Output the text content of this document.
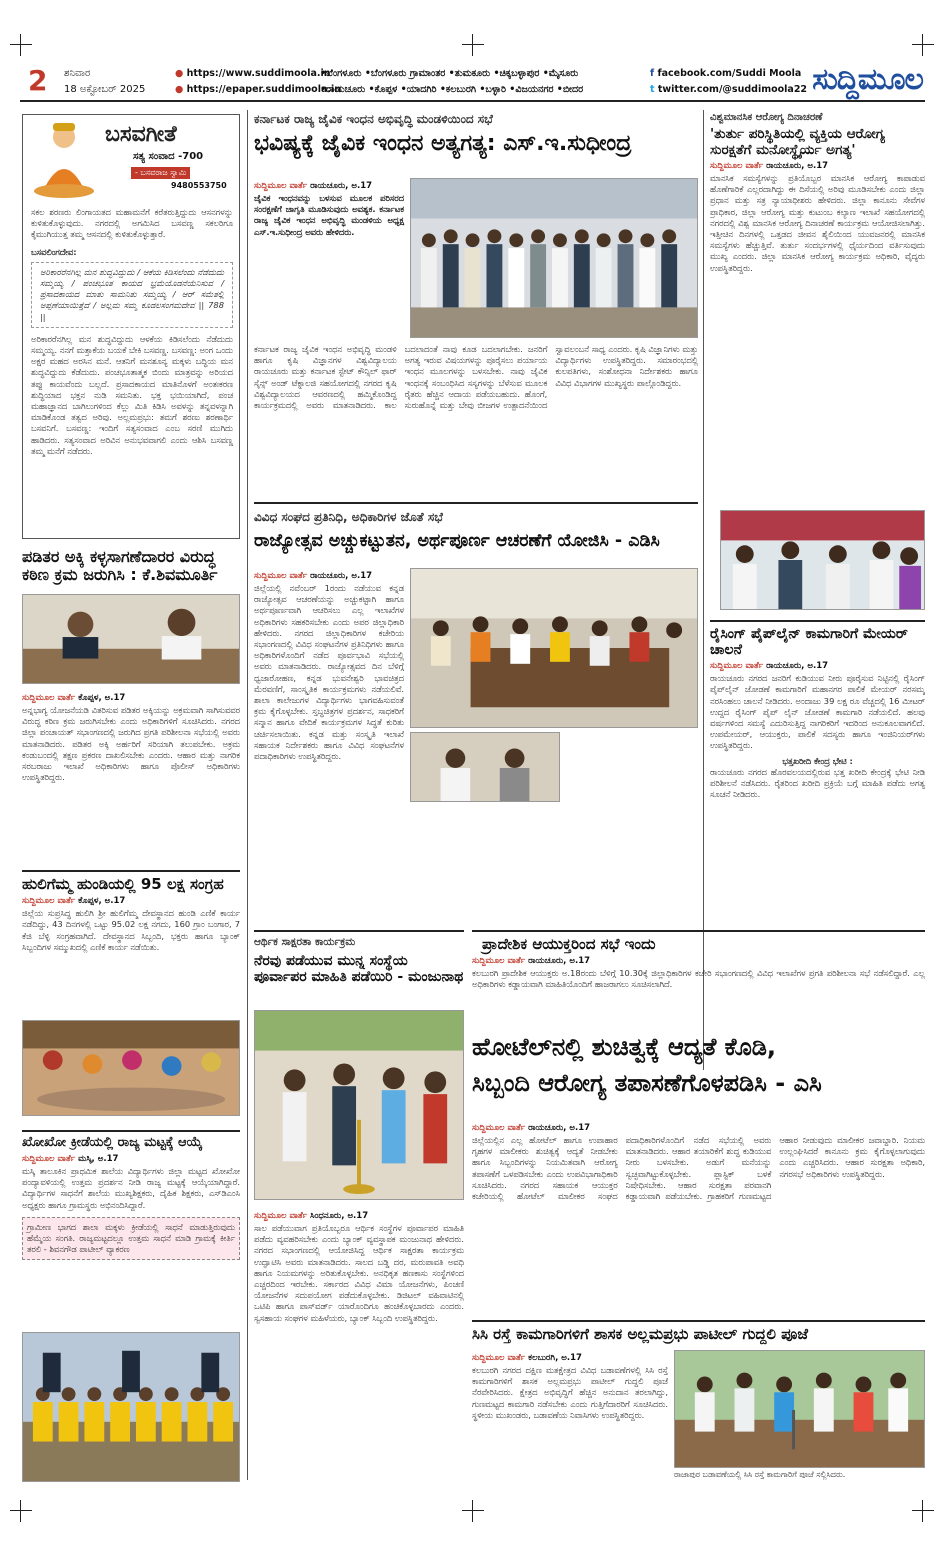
2 ಶನಿವಾರ
18 ಅಕ್ಟೋಬರ್ 2025
● https://www.suddimoola.in
● https://epaper.suddimoola.in
•ಬೆಂಗಳೂರು •ಬೆಂಗಳೂರು ಗ್ರಾಮಾಂತರ •ತುಮಕೂರು •ಚಿಕ್ಕಬಳ್ಳಾಪುರ •ಮೈಸೂರು
•ರಾಯಚೂರು •ಕೊಪ್ಪಳ •ಯಾದಗಿರಿ •ಕಲಬುರಗಿ •ಬಳ್ಳಾರಿ •ವಿಜಯನಗರ •ಬೀದರ
f facebook.com/Suddi Moola
t twitter.com/@suddimoola22 ಸುದ್ದಿಮೂಲ
ಬಸವಗೀತೆ
ಸತ್ಯ ಸಂವಾದ -700
- ಬಸವರಾಜ ಸ್ವಾಮಿ
9480553750
ಸಕಲ ಶರಣರು ಲಿಂಗಾಯತದ ಮಹಾಮನೆಗೆ ಕರೆತರುತ್ತಿದ್ದುದು ಆಸನಗಳನ್ನು ಕುಳಿತುಕೊಳ್ಳುವುದು. ನಗರದಲ್ಲಿ ಅಗಮಿಸಿದ ಬಸವಣ್ಣ ಸಕಲರಿಗೂ ಕೈಮುಗಿಯುತ್ತ ತಮ್ಮ ಆಸನದಲ್ಲಿ ಕುಳಿತುಕೊಳ್ಳುತ್ತಾರೆ.
ಬಸವಲಿಂಗದೇವ:
ಅರಿಕಾರರೆನಗಿಲ್ಲ ಮನ ಶುದ್ಧವಿದ್ದುದು / ಆಕೆಯ ಕಿಡಿಸಲೆಂದು ನೆಡೆದುದು ಸಮ್ಮಯ್ಯ / ಪಂಚಭೂತ ಕಾಯದ ಭ್ರಮೆಯೊಡನೆಯೆನಿಸುವ / ಪ್ರಸಾದಕಾಯದ ಮಾತು ಸಾಮನಿತು ಸಮ್ಮಯ್ಯ / ಆರ್ ಸಮೆತಲ್ಲಿ ಅಪ್ಪಣೆಯಾಯಿತ್ತೆದೆ / ಅಲ್ಲಮ ಸಮ್ಮ ಕೂಡಲಸಂಗಮದೇವ || 788 ||
ಅರಿಕಾರರೆನಗಿಲ್ಲ ಮನ ಶುದ್ಧವಿದ್ದುದು ಆಳಕೆಯ ಕಿಡಿಸಲೆಂದು ನೆಡೆದುದು ಸಮ್ಮಯ್ಯ. ನನಗೆ ಮತ್ತಾಕೆಯ ಬಯಕೆ ಬೇಕಿ ಬಸವಣ್ಣ. ಬಸವಣ್ಣ: ಅಂಗ ಒಂದು ಅಕ್ಷರ ಮಹದ ಅರಸಿನ ಮನೆ. ಆತನಿಗೆ ಮನಶೂನ್ಯ ಮಕ್ಕಳು ಬದ್ಧಿಯ ಮನ ಶುದ್ಧವಿದ್ದುದು ಕೆಡೆದುದು. ಪಂಚಭೂತಾತ್ಮಕ ಬಿಂದು ಮಾತ್ರವನ್ನು ಅರಿಯದ ತಪ್ಪು ಕಾಯವೆಂದು ಬಲ್ಲದೆ. ಪ್ರಸಾದಕಾಯದ ಮಾತಿನೊಳಗೆ ಅಂತಃಕರಣ ಶುದ್ಧಿಯಾದ ಭಕ್ತನ ನುಡಿ ಸಮನಿತು. ಭಕ್ತ ಭಯಿಯಾಗಿದೆ, ಪಂಚ ಮಹಾಜ್ಞಾನದ ಬಾಗಿಲುಗಳಿಂದ ಕೆಲ್ಲು ಮಿತಿ ಕಿಡಿಸಿ ಅವಳನ್ನು ತನ್ನವಳನ್ನಾಗಿ ಮಾಡಿಕೊಂಡ ತತ್ವದ ಅರಿವು. ಅಲ್ಲಮಪ್ರಭು: ತಮಗೆ ಶರಣು ಶರಣಾರ್ಥಿ ಬಸವನಿಗೆ. ಬಸವಣ್ಣ: ಇಂದಿಗೆ ಸತ್ಯಸಂವಾದ ಎಂಬ ಸರಣಿ ಮುಗಿದು ಹಾಡಿದರು. ಸತ್ಯಸಂವಾದ ಅರಿವಿನ ಅನುಭವವಾಗಲಿ ಎಂದು ಆಶಿಸಿ ಬಸವಣ್ಣ ತಮ್ಮ ಮನೆಗೆ ನಡೆದರು.
ಪಡಿತರ ಅಕ್ಕಿ ಕಳ್ಳಸಾಗಣೆದಾರರ ವಿರುದ್ಧ ಕಠಿಣ ಕ್ರಮ ಜರುಗಿಸಿ : ಕೆ.ಶಿವಮೂರ್ತಿ
ಸುದ್ದಿಮೂಲ ವಾರ್ತೆ ಕೊಪ್ಪಳ, ಅ.17
ಅನ್ನಭಾಗ್ಯ ಯೋಜನೆಯಡಿ ವಿತರಿಸುವ ಪಡಿತರ ಅಕ್ಕಿಯನ್ನು ಅಕ್ರಮವಾಗಿ ಸಾಗಿಸುವವರ ವಿರುದ್ಧ ಕಠಿಣ ಕ್ರಮ ಜರುಗಿಸಬೇಕು ಎಂದು ಅಧಿಕಾರಿಗಳಿಗೆ ಸೂಚಿಸಿದರು. ನಗರದ ಜಿಲ್ಲಾ ಪಂಚಾಯತ್ ಸಭಾಂಗಣದಲ್ಲಿ ಜರುಗಿದ ಪ್ರಗತಿ ಪರಿಶೀಲನಾ ಸಭೆಯಲ್ಲಿ ಅವರು ಮಾತನಾಡಿದರು. ಪಡಿತರ ಅಕ್ಕಿ ಅರ್ಹರಿಗೆ ಸರಿಯಾಗಿ ತಲುಪಬೇಕು. ಅಕ್ರಮ ಕಂಡುಬಂದಲ್ಲಿ ತಕ್ಷಣ ಪ್ರಕರಣ ದಾಖಲಿಸಬೇಕು ಎಂದರು. ಆಹಾರ ಮತ್ತು ನಾಗರಿಕ ಸರಬರಾಜು ಇಲಾಖೆ ಅಧಿಕಾರಿಗಳು ಹಾಗೂ ಪೊಲೀಸ್ ಅಧಿಕಾರಿಗಳು ಉಪಸ್ಥಿತರಿದ್ದರು.
ಹುಲಿಗೆಮ್ಮ ಹುಂಡಿಯಲ್ಲಿ 95 ಲಕ್ಷ ಸಂಗ್ರಹ
ಸುದ್ದಿಮೂಲ ವಾರ್ತೆ ಕೊಪ್ಪಳ, ಅ.17
ಜಿಲ್ಲೆಯ ಸುಪ್ರಸಿದ್ಧ ಹುಲಿಗಿ ಶ್ರೀ ಹುಲಿಗೆಮ್ಮ ದೇವಸ್ಥಾನದ ಹುಂಡಿ ಎಣಿಕೆ ಕಾರ್ಯ ನಡೆದಿದ್ದು, 43 ದಿನಗಳಲ್ಲಿ ಒಟ್ಟು 95.02 ಲಕ್ಷ ನಗದು, 160 ಗ್ರಾಂ ಬಂಗಾರ, 7 ಕೆಜಿ ಬೆಳ್ಳಿ ಸಂಗ್ರಹವಾಗಿದೆ. ದೇವಸ್ಥಾನದ ಸಿಬ್ಬಂದಿ, ಭಕ್ತರು ಹಾಗೂ ಬ್ಯಾಂಕ್ ಸಿಬ್ಬಂದಿಗಳ ಸಮ್ಮುಖದಲ್ಲಿ ಎಣಿಕೆ ಕಾರ್ಯ ನಡೆಯಿತು.
ಖೋಖೋ ಕ್ರೀಡೆಯಲ್ಲಿ ರಾಜ್ಯ ಮಟ್ಟಕ್ಕೆ ಆಯ್ಕೆ
ಸುದ್ದಿಮೂಲ ವಾರ್ತೆ ಮಸ್ಕಿ, ಅ.17
ಮಸ್ಕಿ ತಾಲೂಕಿನ ಪ್ರಾಥಮಿಕ ಶಾಲೆಯ ವಿದ್ಯಾರ್ಥಿಗಳು ಜಿಲ್ಲಾ ಮಟ್ಟದ ಖೋಖೋ ಪಂದ್ಯಾವಳಿಯಲ್ಲಿ ಉತ್ತಮ ಪ್ರದರ್ಶನ ನೀಡಿ ರಾಜ್ಯ ಮಟ್ಟಕ್ಕೆ ಆಯ್ಕೆಯಾಗಿದ್ದಾರೆ. ವಿದ್ಯಾರ್ಥಿಗಳ ಸಾಧನೆಗೆ ಶಾಲೆಯ ಮುಖ್ಯಶಿಕ್ಷಕರು, ದೈಹಿಕ ಶಿಕ್ಷಕರು, ಎಸ್‌ಡಿಎಂಸಿ ಅಧ್ಯಕ್ಷರು ಹಾಗೂ ಗ್ರಾಮಸ್ಥರು ಅಭಿನಂದಿಸಿದ್ದಾರೆ.
ಗ್ರಾಮೀಣ ಭಾಗದ ಶಾಲಾ ಮಕ್ಕಳು ಕ್ರೀಡೆಯಲ್ಲಿ ಸಾಧನೆ ಮಾಡುತ್ತಿರುವುದು ಹೆಮ್ಮೆಯ ಸಂಗತಿ. ರಾಜ್ಯಮಟ್ಟದಲ್ಲೂ ಉತ್ತಮ ಸಾಧನೆ ಮಾಡಿ ಗ್ರಾಮಕ್ಕೆ ಕೀರ್ತಿ ತರಲಿ - ಶಿವನಗೌಡ ಪಾಟೀಲ್ ವ್ಯಾಕರಣ
ಕರ್ನಾಟಕ ರಾಜ್ಯ ಜೈವಿಕ ಇಂಧನ ಅಭಿವೃದ್ಧಿ ಮಂಡಳಿಯಿಂದ ಸಭೆ
ಭವಿಷ್ಯಕ್ಕೆ ಜೈವಿಕ ಇಂಧನ ಅತ್ಯಗತ್ಯ: ಎಸ್.ಇ.ಸುಧೀಂದ್ರ
ಸುದ್ದಿಮೂಲ ವಾರ್ತೆ ರಾಯಚೂರು, ಅ.17
ಜೈವಿಕ ಇಂಧನವನ್ನು ಬಳಸುವ ಮೂಲಕ ಪರಿಸರದ ಸಂರಕ್ಷಣೆಗೆ ಜಾಗೃತಿ ಮೂಡಿಸುವುದು ಅವಶ್ಯಕ. ಕರ್ನಾಟಕ ರಾಜ್ಯ ಜೈವಿಕ ಇಂಧನ ಅಭಿವೃದ್ಧಿ ಮಂಡಳಿಯ ಅಧ್ಯಕ್ಷ ಎಸ್.ಇ.ಸುಧೀಂದ್ರ ಅವರು ಹೇಳಿದರು.
ಕರ್ನಾಟಕ ರಾಜ್ಯ ಜೈವಿಕ ಇಂಧನ ಅಭಿವೃದ್ಧಿ ಮಂಡಳಿ ಹಾಗೂ ಕೃಷಿ ವಿಜ್ಞಾನಗಳ ವಿಶ್ವವಿದ್ಯಾಲಯ ರಾಯಚೂರು ಮತ್ತು ಕರ್ನಾಟಕ ಸ್ಟೇಟ್ ಕೌನ್ಸಿಲ್ ಫಾರ್ ಸೈನ್ಸ್ ಅಂಡ್ ಟೆಕ್ನಾಲಜಿ ಸಹಯೋಗದಲ್ಲಿ ನಗರದ ಕೃಷಿ ವಿಶ್ವವಿದ್ಯಾಲಯದ ಆವರಣದಲ್ಲಿ ಹಮ್ಮಿಕೊಂಡಿದ್ದ ಕಾರ್ಯಕ್ರಮದಲ್ಲಿ ಅವರು ಮಾತನಾಡಿದರು. ಕಾಲ ಬದಲಾದಂತೆ ನಾವು ಕೂಡ ಬದಲಾಗಬೇಕು. ಜನರಿಗೆ ಅಗತ್ಯ ಇರುವ ವಿಷಯಗಳನ್ನು ಪೂರೈಸಲು ಪರ್ಯಾಯ ಇಂಧನ ಮೂಲಗಳನ್ನು ಬಳಸಬೇಕು. ನಾವು ಜೈವಿಕ ಇಂಧನಕ್ಕೆ ಸಂಬಂಧಿಸಿದ ಸಸ್ಯಗಳನ್ನು ಬೆಳೆಸುವ ಮೂಲಕ ರೈತರು ಹೆಚ್ಚಿನ ಆದಾಯ ಪಡೆಯಬಹುದು. ಹೊಂಗೆ, ಸುರುಹೊನ್ನೆ ಮತ್ತು ಬೇವು ಬೀಜಗಳ ಉತ್ಪಾದನೆಯಿಂದ ಸ್ವಾವಲಂಬನೆ ಸಾಧ್ಯ ಎಂದರು. ಕೃಷಿ ವಿಜ್ಞಾನಿಗಳು ಮತ್ತು ವಿದ್ಯಾರ್ಥಿಗಳು ಉಪಸ್ಥಿತರಿದ್ದರು. ಸಮಾರಂಭದಲ್ಲಿ ಕುಲಪತಿಗಳು, ಸಂಶೋಧನಾ ನಿರ್ದೇಶಕರು ಹಾಗೂ ವಿವಿಧ ವಿಭಾಗಗಳ ಮುಖ್ಯಸ್ಥರು ಪಾಲ್ಗೊಂಡಿದ್ದರು.
ವಿವಿಧ ಸಂಘದ ಪ್ರತಿನಿಧಿ, ಅಧಿಕಾರಿಗಳ ಜೊತೆ ಸಭೆ
ರಾಜ್ಯೋತ್ಸವ ಅಚ್ಚುಕಟ್ಟುತನ, ಅರ್ಥಪೂರ್ಣ ಆಚರಣೆಗೆ ಯೋಜಿಸಿ - ಎಡಿಸಿ
ಸುದ್ದಿಮೂಲ ವಾರ್ತೆ ರಾಯಚೂರು, ಅ.17
ಜಿಲ್ಲೆಯಲ್ಲಿ ನವೆಂಬರ್ 1ರಂದು ನಡೆಯುವ ಕನ್ನಡ ರಾಜ್ಯೋತ್ಸವ ಆಚರಣೆಯನ್ನು ಅಚ್ಚುಕಟ್ಟಾಗಿ ಹಾಗೂ ಅರ್ಥಪೂರ್ಣವಾಗಿ ಆಚರಿಸಲು ಎಲ್ಲ ಇಲಾಖೆಗಳ ಅಧಿಕಾರಿಗಳು ಸಹಕರಿಸಬೇಕು ಎಂದು ಅಪರ ಜಿಲ್ಲಾಧಿಕಾರಿ ಹೇಳಿದರು. ನಗರದ ಜಿಲ್ಲಾಧಿಕಾರಿಗಳ ಕಚೇರಿಯ ಸಭಾಂಗಣದಲ್ಲಿ ವಿವಿಧ ಸಂಘಟನೆಗಳ ಪ್ರತಿನಿಧಿಗಳು ಹಾಗೂ ಅಧಿಕಾರಿಗಳೊಂದಿಗೆ ನಡೆದ ಪೂರ್ವಭಾವಿ ಸಭೆಯಲ್ಲಿ ಅವರು ಮಾತನಾಡಿದರು. ರಾಜ್ಯೋತ್ಸವದ ದಿನ ಬೆಳಿಗ್ಗೆ ಧ್ವಜಾರೋಹಣ, ಕನ್ನಡ ಭುವನೇಶ್ವರಿ ಭಾವಚಿತ್ರದ ಮೆರವಣಿಗೆ, ಸಾಂಸ್ಕೃತಿಕ ಕಾರ್ಯಕ್ರಮಗಳು ನಡೆಯಲಿವೆ. ಶಾಲಾ ಕಾಲೇಜುಗಳ ವಿದ್ಯಾರ್ಥಿಗಳು ಭಾಗವಹಿಸುವಂತೆ ಕ್ರಮ ಕೈಗೊಳ್ಳಬೇಕು. ಸ್ತಬ್ಧಚಿತ್ರಗಳ ಪ್ರದರ್ಶನ, ಸಾಧಕರಿಗೆ ಸನ್ಮಾನ ಹಾಗೂ ವೇದಿಕೆ ಕಾರ್ಯಕ್ರಮಗಳ ಸಿದ್ಧತೆ ಕುರಿತು ಚರ್ಚಿಸಲಾಯಿತು. ಕನ್ನಡ ಮತ್ತು ಸಂಸ್ಕೃತಿ ಇಲಾಖೆ ಸಹಾಯಕ ನಿರ್ದೇಶಕರು ಹಾಗೂ ವಿವಿಧ ಸಂಘಟನೆಗಳ ಪದಾಧಿಕಾರಿಗಳು ಉಪಸ್ಥಿತರಿದ್ದರು.
ಆರ್ಥಿಕ ಸಾಕ್ಷರತಾ ಕಾರ್ಯಕ್ರಮ
ನೆರವು ಪಡೆಯುವ ಮುನ್ನ ಸಂಸ್ಥೆಯ ಪೂರ್ವಾಪರ ಮಾಹಿತಿ ಪಡೆಯಿರಿ - ಮಂಜುನಾಥ
ಸುದ್ದಿಮೂಲ ವಾರ್ತೆ ಸಿಂಧನೂರು, ಅ.17
ಸಾಲ ಪಡೆಯುವಾಗ ಪ್ರತಿಯೊಬ್ಬರೂ ಆರ್ಥಿಕ ಸಂಸ್ಥೆಗಳ ಪೂರ್ವಾಪರ ಮಾಹಿತಿ ಪಡೆದು ವ್ಯವಹರಿಸಬೇಕು ಎಂದು ಬ್ಯಾಂಕ್ ವ್ಯವಸ್ಥಾಪಕ ಮಂಜುನಾಥ ಹೇಳಿದರು. ನಗರದ ಸಭಾಂಗಣದಲ್ಲಿ ಆಯೋಜಿಸಿದ್ದ ಆರ್ಥಿಕ ಸಾಕ್ಷರತಾ ಕಾರ್ಯಕ್ರಮ ಉದ್ಘಾಟಿಸಿ ಅವರು ಮಾತನಾಡಿದರು. ಸಾಲದ ಬಡ್ಡಿ ದರ, ಮರುಪಾವತಿ ಅವಧಿ ಹಾಗೂ ನಿಯಮಗಳನ್ನು ಅರಿತುಕೊಳ್ಳಬೇಕು. ಅನಧಿಕೃತ ಹಣಕಾಸು ಸಂಸ್ಥೆಗಳಿಂದ ಎಚ್ಚರದಿಂದ ಇರಬೇಕು. ಸರ್ಕಾರದ ವಿವಿಧ ವಿಮಾ ಯೋಜನೆಗಳು, ಪಿಂಚಣಿ ಯೋಜನೆಗಳ ಸದುಪಯೋಗ ಪಡೆದುಕೊಳ್ಳಬೇಕು. ಡಿಜಿಟಲ್ ವಹಿವಾಟಿನಲ್ಲಿ ಒಟಿಪಿ ಹಾಗೂ ಪಾಸ್‌ವರ್ಡ್ ಯಾರೊಂದಿಗೂ ಹಂಚಿಕೊಳ್ಳಬಾರದು ಎಂದರು. ಸ್ವಸಹಾಯ ಸಂಘಗಳ ಮಹಿಳೆಯರು, ಬ್ಯಾಂಕ್ ಸಿಬ್ಬಂದಿ ಉಪಸ್ಥಿತರಿದ್ದರು.
ಪ್ರಾದೇಶಿಕ ಆಯುಕ್ತರಿಂದ ಸಭೆ ಇಂದು
ಸುದ್ದಿಮೂಲ ವಾರ್ತೆ ರಾಯಚೂರು, ಅ.17
ಕಲಬುರಗಿ ಪ್ರಾದೇಶಿಕ ಆಯುಕ್ತರು ಅ.18ರಂದು ಬೆಳಿಗ್ಗೆ 10.30ಕ್ಕೆ ಜಿಲ್ಲಾಧಿಕಾರಿಗಳ ಕಚೇರಿ ಸಭಾಂಗಣದಲ್ಲಿ ವಿವಿಧ ಇಲಾಖೆಗಳ ಪ್ರಗತಿ ಪರಿಶೀಲನಾ ಸಭೆ ನಡೆಸಲಿದ್ದಾರೆ. ಎಲ್ಲ ಅಧಿಕಾರಿಗಳು ಕಡ್ಡಾಯವಾಗಿ ಮಾಹಿತಿಯೊಂದಿಗೆ ಹಾಜರಾಗಲು ಸೂಚಿಸಲಾಗಿದೆ.
ಹೋಟೆಲ್‌ನಲ್ಲಿ ಶುಚಿತ್ವಕ್ಕೆ ಆದ್ಯತೆ ಕೊಡಿ,
ಸಿಬ್ಬಂದಿ ಆರೋಗ್ಯ ತಪಾಸಣೆಗೊಳಪಡಿಸಿ - ಎಸಿ
ಸುದ್ದಿಮೂಲ ವಾರ್ತೆ ರಾಯಚೂರು, ಅ.17
ಜಿಲ್ಲೆಯಲ್ಲಿನ ಎಲ್ಲ ಹೋಟೆಲ್ ಹಾಗೂ ಉಪಾಹಾರ ಗೃಹಗಳ ಮಾಲೀಕರು ಶುಚಿತ್ವಕ್ಕೆ ಆದ್ಯತೆ ನೀಡಬೇಕು ಹಾಗೂ ಸಿಬ್ಬಂದಿಗಳನ್ನು ನಿಯಮಿತವಾಗಿ ಆರೋಗ್ಯ ತಪಾಸಣೆಗೆ ಒಳಪಡಿಸಬೇಕು ಎಂದು ಉಪವಿಭಾಗಾಧಿಕಾರಿ ಸೂಚಿಸಿದರು. ನಗರದ ಸಹಾಯಕ ಆಯುಕ್ತರ ಕಚೇರಿಯಲ್ಲಿ ಹೋಟೆಲ್ ಮಾಲೀಕರ ಸಂಘದ ಪದಾಧಿಕಾರಿಗಳೊಂದಿಗೆ ನಡೆದ ಸಭೆಯಲ್ಲಿ ಅವರು ಮಾತನಾಡಿದರು. ಆಹಾರ ತಯಾರಿಕೆಗೆ ಶುದ್ಧ ಕುಡಿಯುವ ನೀರು ಬಳಸಬೇಕು. ಅಡುಗೆ ಮನೆಯನ್ನು ಸ್ವಚ್ಛವಾಗಿಟ್ಟುಕೊಳ್ಳಬೇಕು. ಪ್ಲಾಸ್ಟಿಕ್ ಬಳಕೆ ನಿಷೇಧಿಸಬೇಕು. ಆಹಾರ ಸುರಕ್ಷತಾ ಪರವಾನಗಿ ಕಡ್ಡಾಯವಾಗಿ ಪಡೆಯಬೇಕು. ಗ್ರಾಹಕರಿಗೆ ಗುಣಮಟ್ಟದ ಆಹಾರ ನೀಡುವುದು ಮಾಲೀಕರ ಜವಾಬ್ದಾರಿ. ನಿಯಮ ಉಲ್ಲಂಘಿಸಿದರೆ ಕಾನೂನು ಕ್ರಮ ಕೈಗೊಳ್ಳಲಾಗುವುದು ಎಂದು ಎಚ್ಚರಿಸಿದರು. ಆಹಾರ ಸುರಕ್ಷತಾ ಅಧಿಕಾರಿ, ನಗರಸಭೆ ಅಧಿಕಾರಿಗಳು ಉಪಸ್ಥಿತರಿದ್ದರು.
ಸಿಸಿ ರಸ್ತೆ ಕಾಮಗಾರಿಗಳಿಗೆ ಶಾಸಕ ಅಲ್ಲಮಪ್ರಭು ಪಾಟೀಲ್ ಗುದ್ದಲಿ ಪೂಜೆ
ಸುದ್ದಿಮೂಲ ವಾರ್ತೆ ಕಲಬುರಗಿ, ಅ.17
ಕಲಬುರಗಿ ನಗರದ ದಕ್ಷಿಣ ಮತಕ್ಷೇತ್ರದ ವಿವಿಧ ಬಡಾವಣೆಗಳಲ್ಲಿ ಸಿಸಿ ರಸ್ತೆ ಕಾಮಗಾರಿಗಳಿಗೆ ಶಾಸಕ ಅಲ್ಲಮಪ್ರಭು ಪಾಟೀಲ್ ಗುದ್ದಲಿ ಪೂಜೆ ನೆರವೇರಿಸಿದರು. ಕ್ಷೇತ್ರದ ಅಭಿವೃದ್ಧಿಗೆ ಹೆಚ್ಚಿನ ಅನುದಾನ ತರಲಾಗಿದ್ದು, ಗುಣಮಟ್ಟದ ಕಾಮಗಾರಿ ನಡೆಸಬೇಕು ಎಂದು ಗುತ್ತಿಗೆದಾರರಿಗೆ ಸೂಚಿಸಿದರು. ಸ್ಥಳೀಯ ಮುಖಂಡರು, ಬಡಾವಣೆಯ ನಿವಾಸಿಗಳು ಉಪಸ್ಥಿತರಿದ್ದರು.
ರಾಜಾಪುರ ಬಡಾವಣೆಯಲ್ಲಿ ಸಿಸಿ ರಸ್ತೆ ಕಾಮಗಾರಿಗೆ ಪೂಜೆ ಸಲ್ಲಿಸಿದರು.
ವಿಶ್ವಮಾನಸಿಕ ಆರೋಗ್ಯ ದಿನಾಚರಣೆ
'ತುರ್ತು ಪರಿಸ್ಥಿತಿಯಲ್ಲಿ ವ್ಯಕ್ತಿಯ ಆರೋಗ್ಯ ಸುರಕ್ಷತೆಗೆ ಮನೋಸ್ಥೈರ್ಯ ಅಗತ್ಯ'
ಸುದ್ದಿಮೂಲ ವಾರ್ತೆ ರಾಯಚೂರು, ಅ.17
ಮಾನಸಿಕ ಸಮಸ್ಯೆಗಳನ್ನು ಪ್ರತಿಯೊಬ್ಬರ ಮಾನಸಿಕ ಆರೋಗ್ಯ ಕಾಪಾಡುವ ಹೊಣೆಗಾರಿಕೆ ಎಲ್ಲರದಾಗಿದ್ದು ಈ ದಿಸೆಯಲ್ಲಿ ಅರಿವು ಮೂಡಿಸಬೇಕು ಎಂದು ಜಿಲ್ಲಾ ಪ್ರಧಾನ ಮತ್ತು ಸತ್ರ ನ್ಯಾಯಾಧೀಶರು ಹೇಳಿದರು. ಜಿಲ್ಲಾ ಕಾನೂನು ಸೇವೆಗಳ ಪ್ರಾಧಿಕಾರ, ಜಿಲ್ಲಾ ಆರೋಗ್ಯ ಮತ್ತು ಕುಟುಂಬ ಕಲ್ಯಾಣ ಇಲಾಖೆ ಸಹಯೋಗದಲ್ಲಿ ನಗರದಲ್ಲಿ ವಿಶ್ವ ಮಾನಸಿಕ ಆರೋಗ್ಯ ದಿನಾಚರಣೆ ಕಾರ್ಯಕ್ರಮ ಆಯೋಜಿಸಲಾಗಿತ್ತು. ಇತ್ತೀಚಿನ ದಿನಗಳಲ್ಲಿ ಒತ್ತಡದ ಜೀವನ ಶೈಲಿಯಿಂದ ಯುವಜನರಲ್ಲಿ ಮಾನಸಿಕ ಸಮಸ್ಯೆಗಳು ಹೆಚ್ಚುತ್ತಿವೆ. ತುರ್ತು ಸಂದರ್ಭಗಳಲ್ಲಿ ಧೈರ್ಯದಿಂದ ವರ್ತಿಸುವುದು ಮುಖ್ಯ ಎಂದರು. ಜಿಲ್ಲಾ ಮಾನಸಿಕ ಆರೋಗ್ಯ ಕಾರ್ಯಕ್ರಮ ಅಧಿಕಾರಿ, ವೈದ್ಯರು ಉಪಸ್ಥಿತರಿದ್ದರು.
ರೈಸಿಂಗ್ ಪೈಪ್‌ಲೈನ್ ಕಾಮಗಾರಿಗೆ ಮೇಯರ್ ಚಾಲನೆ
ಸುದ್ದಿಮೂಲ ವಾರ್ತೆ ರಾಯಚೂರು, ಅ.17
ರಾಯಚೂರು ನಗರದ ಜನರಿಗೆ ಕುಡಿಯುವ ನೀರು ಪೂರೈಸುವ ನಿಟ್ಟಿನಲ್ಲಿ ರೈಸಿಂಗ್ ಪೈಪ್‌ಲೈನ್ ಜೋಡಣೆ ಕಾಮಗಾರಿಗೆ ಮಹಾನಗರ ಪಾಲಿಕೆ ಮೇಯರ್ ನರಸಮ್ಮ ನರಸಿಂಹಲು ಚಾಲನೆ ನೀಡಿದರು. ಅಂದಾಜು 39 ಲಕ್ಷ ರೂ ವೆಚ್ಚದಲ್ಲಿ 16 ಮೀಟರ್ ಉದ್ದದ ರೈಸಿಂಗ್ ಪೈಪ್ ಲೈನ್ ಜೋಡಣೆ ಕಾಮಗಾರಿ ನಡೆಯಲಿದೆ. ಹಲವು ವರ್ಷಗಳಿಂದ ಸಮಸ್ಯೆ ಎದುರಿಸುತ್ತಿದ್ದ ನಾಗರಿಕರಿಗೆ ಇದರಿಂದ ಅನುಕೂಲವಾಗಲಿದೆ. ಉಪಮೇಯರ್, ಆಯುಕ್ತರು, ಪಾಲಿಕೆ ಸದಸ್ಯರು ಹಾಗೂ ಇಂಜಿನಿಯರ್‌ಗಳು ಉಪಸ್ಥಿತರಿದ್ದರು.
ಭತ್ತಖರೀದಿ ಕೇಂದ್ರ ಭೇಟಿ :
ರಾಯಚೂರು ನಗರದ ಹೊರವಲಯದಲ್ಲಿರುವ ಭತ್ತ ಖರೀದಿ ಕೇಂದ್ರಕ್ಕೆ ಭೇಟಿ ನೀಡಿ ಪರಿಶೀಲನೆ ನಡೆಸಿದರು. ರೈತರಿಂದ ಖರೀದಿ ಪ್ರಕ್ರಿಯೆ ಬಗ್ಗೆ ಮಾಹಿತಿ ಪಡೆದು ಅಗತ್ಯ ಸೂಚನೆ ನೀಡಿದರು.
